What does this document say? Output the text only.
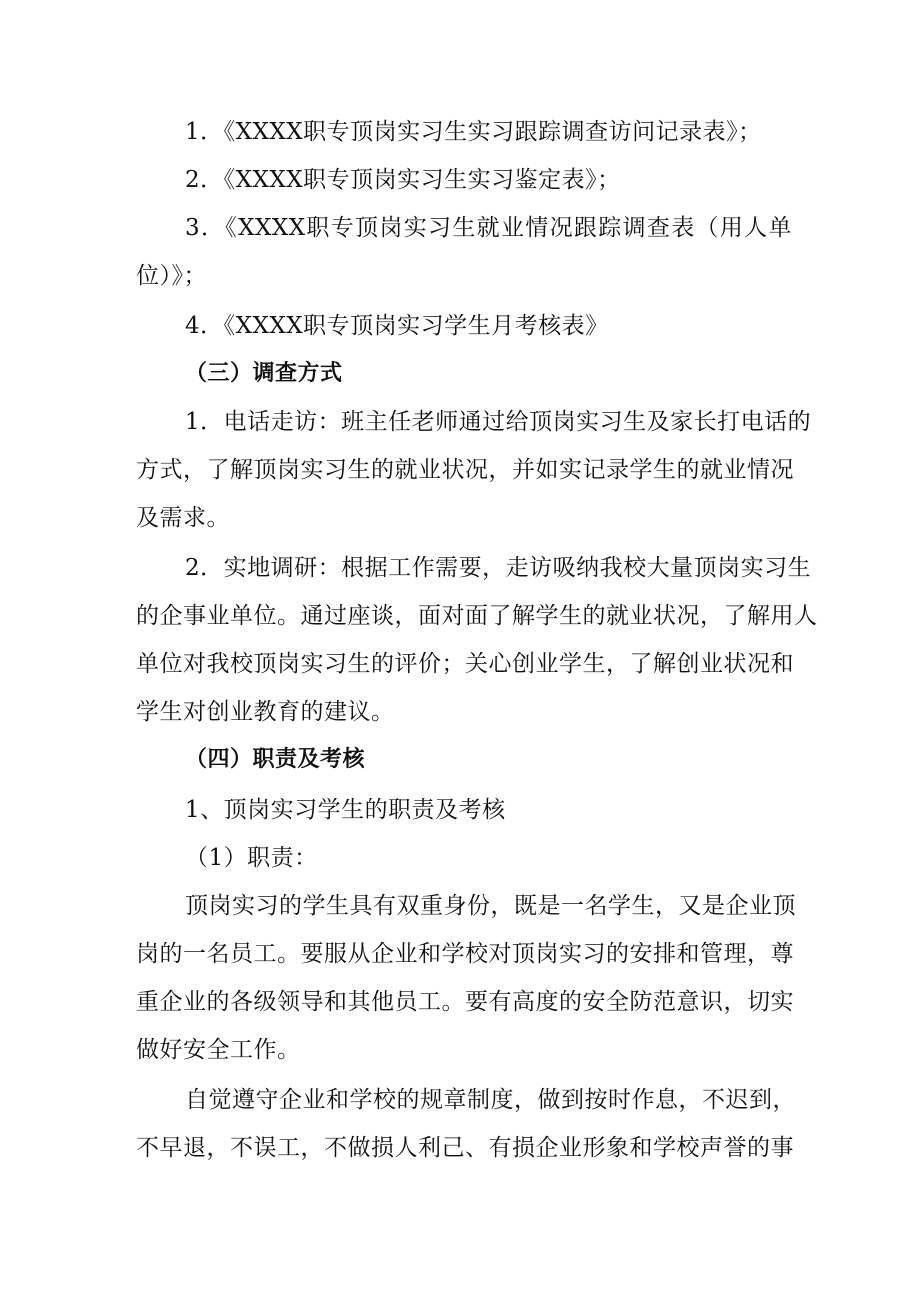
1．《XXXX职专顶岗实习生实习跟踪调查访问记录表》；
2．《XXXX职专顶岗实习生实习鉴定表》；
3．《XXXX职专顶岗实习生就业情况跟踪调查表（用人单
位）》；
4．《XXXX职专顶岗实习学生月考核表》
（三）调查方式
1．电话走访：班主任老师通过给顶岗实习生及家长打电话的
方式，了解顶岗实习生的就业状况，并如实记录学生的就业情况
及需求。
2．实地调研：根据工作需要，走访吸纳我校大量顶岗实习生
的企事业单位。通过座谈，面对面了解学生的就业状况，了解用人
单位对我校顶岗实习生的评价；关心创业学生，了解创业状况和
学生对创业教育的建议。
（四）职责及考核
1、顶岗实习学生的职责及考核
（1）职责：
顶岗实习的学生具有双重身份，既是一名学生，又是企业顶
岗的一名员工。要服从企业和学校对顶岗实习的安排和管理，尊
重企业的各级领导和其他员工。要有高度的安全防范意识，切实
做好安全工作。
自觉遵守企业和学校的规章制度，做到按时作息，不迟到，
不早退，不误工，不做损人利己、有损企业形象和学校声誉的事
